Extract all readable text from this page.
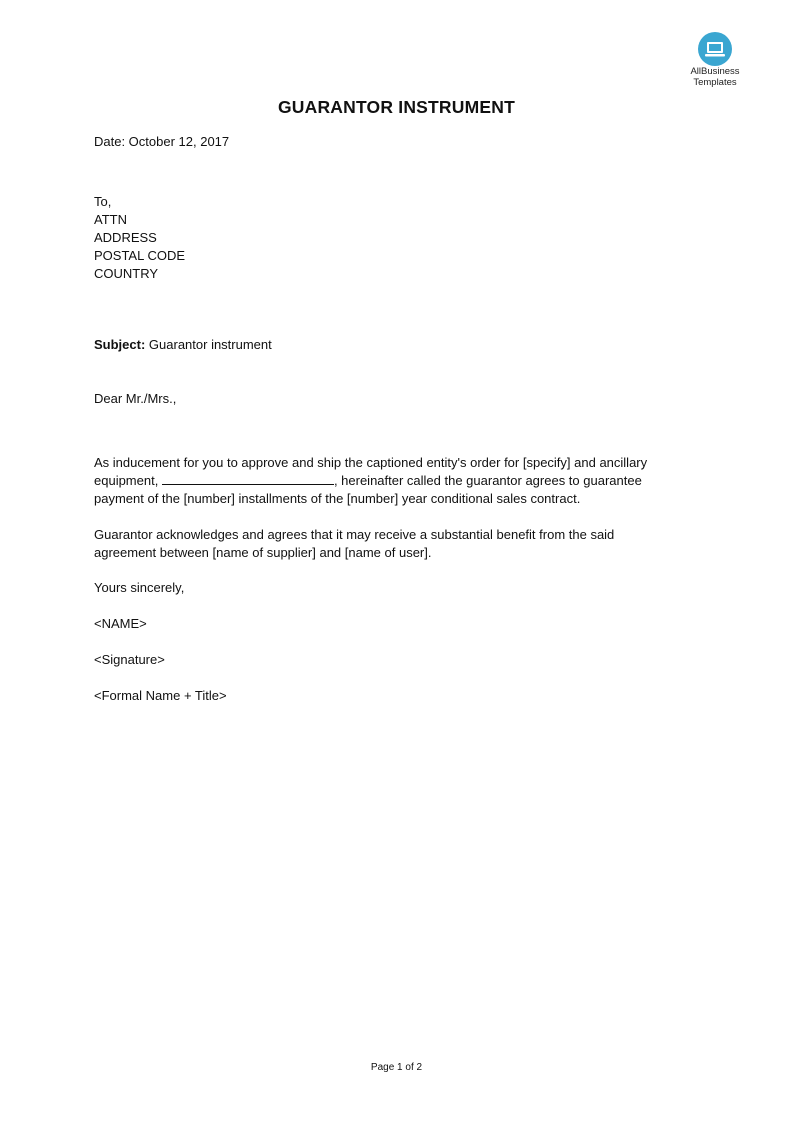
AllBusiness
Templates
GUARANTOR INSTRUMENT
Date: October 12, 2017
To,
ATTN
ADDRESS
POSTAL CODE
COUNTRY
Subject: Guarantor instrument
Dear Mr./Mrs.,
As inducement for you to approve and ship the captioned entity's order for [specify] and ancillary
equipment,	, hereinafter called the guarantor agrees to guarantee
payment of the [number] installments of the [number] year conditional sales contract.
Guarantor acknowledges and agrees that it may receive a substantial benefit from the said
agreement between [name of supplier] and [name of user].
Yours sincerely,
<NAME>
<Signature>
<Formal Name + Title>
Page 1 of 2
